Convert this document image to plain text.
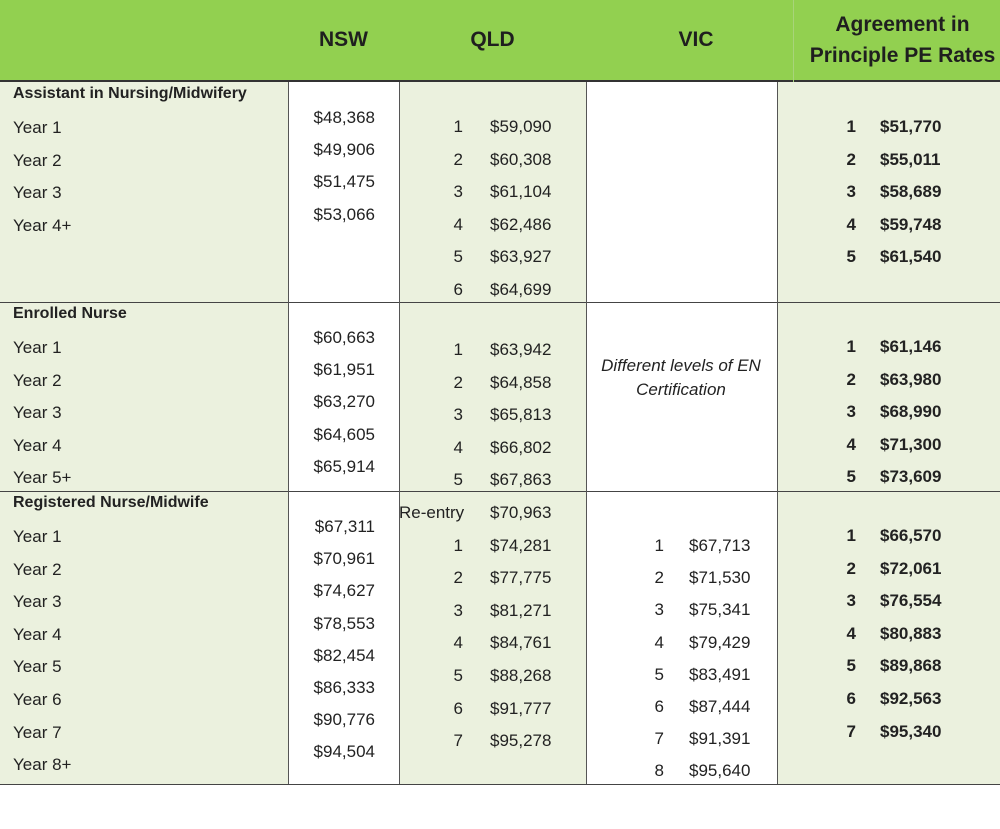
NSW	QLD	VIC
Agreement in Principle PE Rates
Assistant in Nursing/Midwifery
Year 1
Year 2
Year 3
Year 4+
$48,368
$49,906
$51,475
$53,066
1 $59,090
2 $60,308
3 $61,104
4 $62,486
5 $63,927
6 $64,699
1 $51,770
2 $55,011
3 $58,689
4 $59,748
5 $61,540
Enrolled Nurse
Year 1
Year 2
Year 3
Year 4
Year 5+
$60,663
$61,951
$63,270
$64,605
$65,914
1 $63,942
2 $64,858
3 $65,813
4 $66,802
5 $67,863
Different levels of EN Certification
1 $61,146
2 $63,980
3 $68,990
4 $71,300
5 $73,609
Registered Nurse/Midwife
Year 1
Year 2
Year 3
Year 4
Year 5
Year 6
Year 7
Year 8+
$67,311
$70,961
$74,627
$78,553
$82,454
$86,333
$90,776
$94,504
Re-entry $70,963
1 $74,281
2 $77,775
3 $81,271
4 $84,761
5 $88,268
6 $91,777
7 $95,278
1 $67,713
2 $71,530
3 $75,341
4 $79,429
5 $83,491
6 $87,444
7 $91,391
8 $95,640
1 $66,570
2 $72,061
3 $76,554
4 $80,883
5 $89,868
6 $92,563
7 $95,340
